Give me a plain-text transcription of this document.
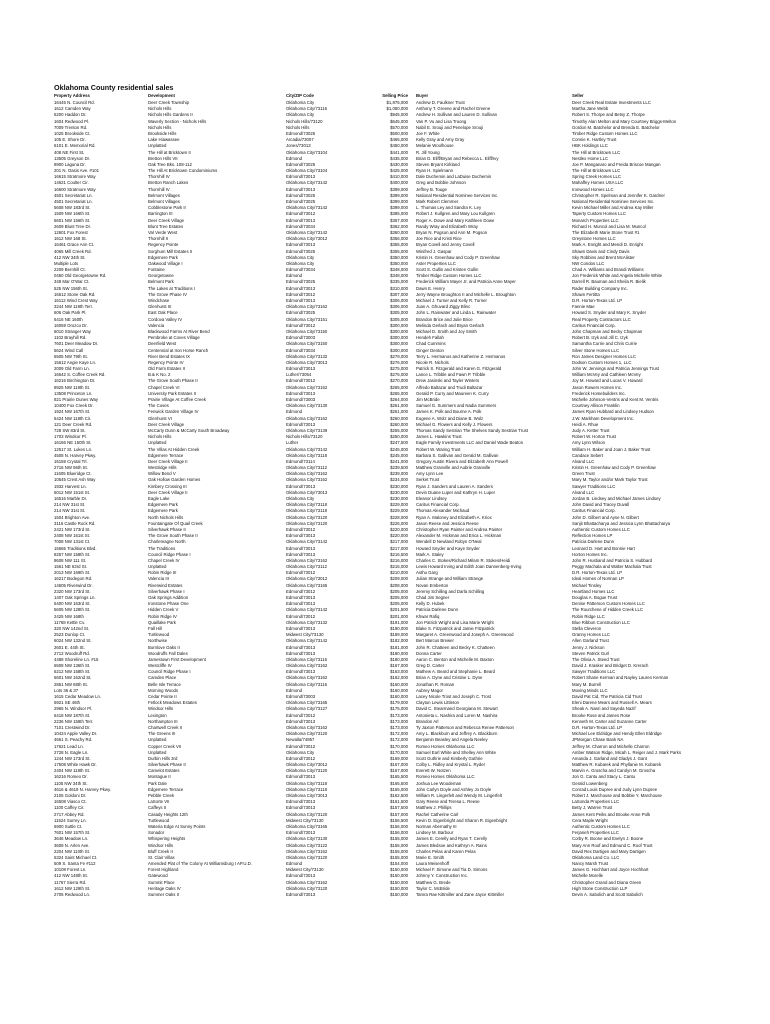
Oklahoma County residential sales
Property Address	Development	City/ZIP Code	Selling Price	Buyer	Seller
16445 N. Council Rd.	Deer Creek Township	Oklahoma City	$1,875,000	Andrew D. Faulkner Trust	Deer Creek Real Estate Investments LLC
1612 Camden Way	Nichols Hills	Oklahoma City/73116	$1,050,000	Anthony T. Greene and Rachel Greene	Martha Jane Webb
6200 Haddon Dr.	Nichols Hills Gardens II	Oklahoma City	$945,000	Andrew H. Sullivan and Lauren D. Sullivan	Robert S. Thorpe and Betsy Z. Thorpe
1604 Redwood Pl.	Waverly Section - Nichols Hills	Nichols Hills/73120	$645,000	Van P. Vu and Lisa Truong	Timothy Alan Melton and Mary Courtney Briggs-Melton
7009 Trenton Rd.	Nichols Hills	Nichols Hills	$570,000	Nabil E. Srouji and Penelope Srouji	Gordon M. Batchelor and Brenda E. Batchelor
1025 Brookside Ct.	Brookside Hills	Edmond/73025	$500,000	Joe F. White	Timber Ridge Custom Homes LLC
105 E. Shore Dr.	Lake Hiawassee	Arcadia/73007	$465,000	Kelly Gray and Amy Gray	Connie K. Hartley Trust
6101 E. Memorial Rd.	Unplatted	Jones/73013	$450,000	Melanie Woolhouse	HBK Holdings LLC
408 NE First St.	The Hill at Bricktown II	Oklahoma City/73104	$441,000	R. Jill Young	The Hill at Bricktown LLC
13505 Greyson Dr.	Bretton Hills VII	Edmond	$435,000	Brian D. Eliff/Bryan and Rebecca L. Eliff/Ivy	Nestlex Home LLC
8900 Laguna Dr.	Oak Tree Bks. 108-112	Edmond/73025	$430,000	Steven Bryant Kirkland	Joe P. Manganaro and Freida Briscoe Mangan
201 N. Oasis Ave. #101	The Hill At Bricktown Condominiums	Oklahoma City/73104	$425,000	Ryan H. Spielmann	The Hill at Bricktown LLC
16615 Stratmore Way	Thornhill IV	Edmond/73013	$410,000	Dale Duchemin and LaDuise Duchemin	Spring Creek Homes LLC
14621 Coulter Cir.	Bretton Ranch Lakes	Oklahoma City/73142	$400,000	Greg and Bobbie Johnson	Mahaffey Homes USA LLC
16600 Stratmore Way	Thornhill IV	Edmond/73013	$399,000	Jeffrey B. Touge	Ironwood Homes LLC
4501 Secretariat Ln.	Belmont Villages	Edmond/73025	$399,000	National Residential Nominee Services Inc.	Christopher R. Spelman and Jennifer K. Gardner
4501 Secretariat Ln.	Belmont Villages	Edmond/73025	$399,000	Mark Robert Clemmer	National Residential Nominee Services Inc.
5608 NW 183rd St.	Cobblestone Park II	Oklahoma City/73142	$399,000	L. Thomas Ley and Sandra K. Ley	Kevin Michael Miller and Andrea Kay Miller
1509 NW 166th St.	Barrington III	Edmond/73012	$385,000	Robert J. Kullgren and Mary Lou Kullgren	Taperty Custom Homes LLC
6601 NW 156th St.	Deer Creek Village	Edmond/73013	$367,000	Roger A. Dowe and Mary Kathleen Dowe	Monarch Properties LLC
2609 Blunt Tree Dr.	Blunt Tree Estates	Edmond/73034	$362,000	Randy Wray and Elizabeth Wray	Richard H. Muncol and Lisa M. Muncol
12601 Fox Forest	Val Verde West	Oklahoma City/73142	$360,000	Bryan N. Pogson and Ann M. Pogson	The Elizabeth Marie Stone Trust #1
1612 NW 168 St.	Thornhill II	Oklahoma City/73012	$356,000	Joe Rice and Kristi Rice	Greystone Homes LLC
16461 Grace Ann Ct.	Regency Pointe	Edmond/73013	$355,000	Bryan Covell and Jenny Covell	Mark A. Enright and Mendi D. Enright
4065 Mill Creek Rd.	Sorghum Mill Estates II	Edmond/73025	$355,000	Winifred J. Gaspar	Shawn Davis and Cindy Davis
412 NW 34th St.	Edgemere Park	Oklahoma City	$350,000	Kristin H. Greenhaw and Cody P. Greenhaw	Sky Robbins and Brent McAlister
Multiple Lots	Oakwood Village I	Oklahoma City	$350,000	Aster Properties LLC	NW Condos LLC
2209 Bernhill Ct.	Fontaine	Edmond/73034	$348,000	Scott S. Gullin and Kristen Gullin	Chad A. Williams and Brandi Williams
0450 Old Georgetowne Rd.	Georgetowne	Edmond	$348,000	Timber Ridge Custom Homes LLC	Jon Frederick White and Angela Michelle White
348 Mar O'War Ct.	Belmont Park	Edmond/73025	$335,000	Frederick William Mayer Jr. and Patricia Anne Mayer	Darrell R. Bauman and Sheila R. Bielik
525 NW 156th St.	The Lakes at Traditions I	Edmond/73013	$310,000	Dawn E. Henry	Rader Building Company Inc.
16612 Stone Oak Rd.	The Grove Phase IV	Edmond/73012	$307,000	Jerry Wayne Broughton II and Michelle L. Broughton	Shawn Fertitta
16112 Wind Crest Way	Windchase	Edmond/73013	$306,000	Michael J. Turner and Kelly R. Turner	D.R. Horton-Texas Ltd. LP
3244 NW 119th Terr.	Glenhurst III	Oklahoma City/73162	$306,000	Juan A. Ghuvard Ziggy Blinc	Fannie Mae
606 Oak Park Pl.	East Oak Place	Edmond/73025	$305,000	John L. Rainwater and Linda L. Rainwater	Howard S. Snyder and Mary K. Snyder
6416 NE 160th	Cordova Valley IV	Oklahoma City/73151	$305,000	Brandon Brice and Julie Brice	Real Property Contractors LLC
16059 Orozco Dr.	Valencia	Edmond/73012	$300,000	Melinda Gerlach and Bryan Gerlach	Caritus Financial Corp.
6010 Stranger Way	Blackwood Farms At River Bend	Oklahoma City/73150	$300,000	Michael D. Smith and Joy Smith	John Chapman and Becky Chapman
1102 Brayhill Rd.	Pembroke at Coves Village	Edmond/73003	$300,000	Hendeh Fallah	Robert B. Izyk and Jill C. Izyk
7601 Deer Meadow Dr.	Deerfield West	Oklahoma City/73150	$300,000	Chad Cummins	Samantha Currie and Chris Currie
5624 Wind Call	Centennial at Iron Horse Ranch	Edmond/73034	$300,000	Ginger Denton	Silver Stone Homes LLC
6505 NW 79th St.	River Bend Estates IX	Oklahoma City/73132	$279,000	Terry L. Hermanos and Katherine Z. Hermanos	Ron James Designer Homes LLC
15612 Angie Kaye Ln.	Regency Pointe IV	Oklahoma City/73013	$276,000	Nicole R. Nichols	Dodson Custom Homes 1, LLC
2009 Old Farm Ln.	Old Farm Estates II	Edmond/73013	$275,000	Patrick S. Fitzgerald and Karen G. Fitzgerald	John W. Jennings and Patricia Jennings Trust
16642 S. Coffee Creek Rd.	B.& K No. 2	Luther/73054	$275,000	Lance L. Tribble and Fawn P. Tribble	William McVey and Cathleen McVey
16216 Birchington Dr.	The Grove South Phase II	Edmond/73012	$270,000	Drew Jasinski and Tayler Winters	Joy M. Howard and Lucas V. Howard
8925 NW 119th St.	Chapel Creek VI	Oklahoma City/73162	$265,000	Alfredo Baltazar and Trudi Baltazar	Jason Rowers Homes Inc.
13508 Princeton Ln.	University Park Estates II	Edmond/73013	$265,000	Gerald P. Curry and Maureen K. Curry	Frederick Homebuilders Inc.
821 Prairie Dunes Way	Prairie Village At Coffee Creek	Edmond/73003	$264,000	Jim McBride	Michelle Johnson-Ventris and Kent M. Ventris
10400 Fox Creek Dr.	The Coves	Oklahoma City/73130	$261,000	Samuel G. Summers and Nadia Summers	Courtney Allison Franklin
1924 NW 167th St.	Fenwick Garden Village IV	Edmond	$261,000	James K. Polk and Bourne A. Polk	James Ryan Hubbard and Lindsey Hudson
5424 NW 118th Cir.	Glenhurst VI	Oklahoma City/73162	$260,000	Eugene A. Wolz and Diane B. Wolz	J.W. Markham Development Inc.
121 Deer Creek Rd.	Deer Creek Village	Edmond/73013	$260,000	Michael G. Flowers and Kelly J. Flowers	Heidi A. Rhue
728 SW 83rd St.	McCarty Dunn & McCarty South Broadway	Oklahoma City/73139	$255,000	Thomas Sandy Sestrian The Shelves Sandy Sestrian Trust	Judy A. Ketter Trust
1703 Windsor Pl.	Nichols Hills	Nichols Hills/73120	$250,000	James L. Hawkins Trust	Robert W. Horton Trust
16166 NE 150th St.	Unplatted	Luther	$247,500	Eagle Family Investments LLC and Daniel Wade Beaton	Amy Lynn Wilson
12517 St. Lukes Ln.	The Villas At Hidden Creek	Oklahoma City/73142	$245,000	Robert W. Waring Trust	William H. Baker and Joan J. Baker Trust
4508 N. Harvey Pkwy.	Edgemere Terrace	Oklahoma City/73118	$245,000	Barbara S. Gallivan and Gerald M. Gallivan	Candace Sebert
15159 Crystal Trl.	Deer Creek Village II	Edmond/73114	$241,000	Gregory Austin Rivera and Elizabeth Ann Powell	Alvand LLC
2716 NW 56th St.	Westridge Hills	Oklahoma City/73112	$239,500	Matthew Granville and Aubrie Granville	Kristin H. Greenhaw and Cody P. Greenhaw
11605 Blueridge Ct.	Willow Bend V	Oklahoma City/73162	$239,000	Amy Lynn Lee	Green Trust
10545 Crest Ash Way	Oak Hollow Garden Homes	Oklahoma City/73162	$234,000	Serket Trust	Mary M. Taylor and/or Mark Taylor Trust
1932 Harvest Ln.	Kimbery Crossing III	Edmond/73013	$230,000	Ryan J. Sanders and Lauren A. Sanders	Sawyer Traditions LLC
6012 NW 151st St.	Deer Creek Village II	Oklahoma City/73013	$230,000	Devin Duane Luper and Kathryn H. Luper	Alvand LLC
16516 Marble Dr.	Eagle Lake	Oklahoma City	$230,000	Eleanor Lindsey	Jordan B. Lindsey and Michael James Lindsey
214 NW 31st St.	Edgemere Park	Oklahoma City/73118	$229,000	Caritus Financial Corp.	John David and Tracey Duvall
214 NW 31st St.	Edgemere Park	Oklahoma City/73118	$229,000	Thomas Alexander Michaud	Caritus Financial Corp.
1504 Brighton Ave.	North Nichols Hills	Oklahoma City/73120	$228,000	Ryan A. Maloney and Elizabeth A. Kriox	John D. Gilbert and Ayse N. Gilbert
3116 Castle Rock Rd.	Fountaingate Of Quail Creek	Oklahoma City/73120	$226,000	Jason Reese and Jessica Reese	Sanjit Bhattacharya and Jessica Lynn Bhattacharya
2421 NW 173rd St.	Silverhawk Phase II	Edmond/73012	$220,000	Christopher Ryan Painter and Andrea Painter	Authentic Custom Homes LLC
2408 NW 161st St.	The Grove South Phase II	Edmond/73013	$220,000	Alexander M. Hickman and Erica L. Hickman	Reflection Homes LP
7008 NW 131st Ct.	Charlemagne North	Oklahoma City/73142	$217,000	Wendell D Newland Robyn O'Neal	Patricia Darlene Dunn
15565 Traditions Blvd.	The Traditions	Edmond/73013	$217,000	Howard Snyder and Kaye Snyder	Leonard D. Hart and Bonnie Hart
8257 NW 158th St.	Council Ridge Phase I	Edmond/73013	$216,500	Mark A. Staley	Horton Homes Inc.
8608 NW 111 St.	Chapel Creek IV	Oklahoma City/73162	$216,000	Charles C. Stokes/Richard Milam R. Stokes/Heidi	John R. Husband and Patricia S. Hubbard
1561 NE 63rd St.	Unplatted	Oklahoma City/73112	$215,000	Lewis Howard Irving and Edith Joan Dannenberg-Irving	Peggy Machala and Walter Machala Trust
2013 NW 169th St.	Robin Ridge III	Edmond/73012	$210,000	Asthu Garg	D.R. Horton-Texas Ltd. LP
16217 Bodegon Rd.	Valencia III	Oklahoma City/73012	$209,000	Julian Strange and William Strange	Ideal Homes of Norman LP
14605 Riverwind Dr.	Riverwind Estates	Oklahoma City/73165	$208,000	Novan Emberton	Michael Tinsley
2320 NW 173rd St.	Silverhawk Phase I	Edmond/73012	$205,000	Jeremy Schilling and Darla Schilling	Heartland Homes LLC
1407 Oak Springs Ln.	Oak Springs Addition	Edmond/73013	$205,000	Chad Jim Segner	Douglas A. Bogue Trust
5400 NW 163rd St.	Ironstone Phase One	Edmond/73013	$205,000	Kelly D. Hubek	Denise Patterson Custom Homes LLC
5605 NW 128th St.	Hidden Creek V	Oklahoma City/73142	$201,500	Patricia Darlene Dunn	The Rourchene of Hidden Creek LLC
2425 NW 168th	Robin Ridge IV	Edmond/73012	$201,000	Khwar Rafiq	Robin Ridge LLC
11768 Kettle Cv.	Quaillake Park	Oklahoma City/73132	$191,000	Jon Patrick Wright and Lisa Marie Wright	Blue Ribbon Construction LLC
320 NW 142nd St.	Fall Hill	Edmond/73013	$190,000	Blake S. Fitzpatrick and Jamie Fitzpatrick	Stella Cleveron
2523 Dunlop Ct.	Turtlewood	Midwest City/73130	$189,000	Margaret A. Greenwood and Joseph A. Greenwood	Granny Homes LLC
6024 NW 132nd St.	Northwise	Oklahoma City/73142	$182,000	Bert Marcus Brewer	Allen Garland Trust
2601 E. 44th St.	Bornlove Oaks II	Edmond/73013	$181,000	John R. Chatteen and Becky K. Chatteen	Jenny J. Nickson
2712 Woodruff Rd.	Woodruffs Fall Dales	Edmond/73013	$180,000	Donna Carter	Steven Patrick Gurl
4488 Shoreline Ln. #15	Jamestown First Development	Oklahoma City/73116	$180,000	Aaron C. Benton and Michelle M. Baxton	The Olivia A. Steed Trust
6508 NW 136th St.	Westcliffe IV	Oklahoma City/73162	$167,000	Greg D. Carter	David J. Krasker and Bridget D. Krerach
6212 NW 158th St.	Council Ridge Phase I	Edmond/73013	$163,000	Mathew A. Beard and Stephanie L. Beard	Sawyer Traditions LLC
5601 NW 162nd St.	Camden Place	Oklahoma City/73162	$162,000	Brian A. Dyne and Cristine L. Dyne	Robert Shane Kerman and Nayley Lauren Kerman
2861 NW 68th St.	Belle Isle Terrace	Oklahoma City/73116	$160,000	Jonathan R. Roman	Mary M. Burrell
Lots 36 & 37	Morning Woods	Edmond	$160,000	Aubrey Magor	Moving Minds LLC
1615 Cedar Meadow Ln.	Cedar Pointe II	Edmond/73003	$160,000	Lacey Nicole Trost and Joseph C. Trost	David Pat Cid, The Patricia Cid Trust
5921 SE 46th	Fetlock Meadows Estates	Oklahoma City/73165	$179,000	Clayton Lewis Littleton	Eleni Darene Mears and Russell A. Mears
2965 N. Windsor Pl.	Windsor Hills	Oklahoma City/73127	$175,000	David C. Stearmand Georgiana M. Stewart	Sheak A. Nasri and Sayeda Nazif
6418 NW 187th St.	Lexington	Edmond/73012	$173,000	Antonieta L. Nashira and Loren M. Nashira	Brooke Rose and James Rose
2236 NW 159th Terr.	Northampton III	Edmond/73013	$173,000	Brandon Arl	Kenneth M. Carter and Suzanne Carter
7101 Crestwind Dr.	Chartwell Creek II	Oklahoma City/73162	$173,000	Ty Jaxton Patterson and Rebecca Renee Patterson	D.R. Horton-Texas Ltd. LP
10424 Apple Valley Dr.	The Greens III	Oklahoma City/73120	$172,000	Amy L. Blackburn and Jeffrey A. Blackburn	Michael Lee Eldridge and Hendy Ellen Eldridge
4661 S. Peachy Rd.	Unplatted	Newalla/74857	$172,000	Benjamin Beasley and Angela Neeley	JPMorgan Chase Bank NA
17621 Lead Ln.	Copper Creek VII	Edmond/73012	$170,000	Romeo Homes Oklahoma LLC	Jeffrey M. Charron and Michelle Charron
2728 N. Eagle Ln.	Unplatted	Oklahoma City	$170,000	Samuel Earl White and Shelley Ann White	Amber Watson Ridge, Micah L. Reiger and J. Mark Parks
1244 NW 173rd St.	Durbin Hills 3rd	Edmond/73012	$169,000	Scott Guthrie and Kimberly Guthrie	Amanda J. Garland and Gladys J. Gant
17508 White Hawk Dr.	Silverhawk Phase II	Oklahoma City/73012	$167,000	Colby L. Ridley and Krystal L. Ryder	Matthew R. Kubarek and Phyllanie M. Kubarek
2404 NW 118th St.	Camelot Estates	Oklahoma City/73120	$167,000	Everett W. Notzen	Marvin A. Groscha and Carolyn M. Groscha
16216 Romeo Dr.	Montague II	Edmond/73013	$165,500	Romeo Homes Oklahoma LLC	Jon G. Cantu and Stacy L. Cantu
1105 NW 34th St.	Park Dale	Oklahoma City/73118	$165,500	Joshua Lee Woodeman	Gerald Lowenberg
4616 & 4619 N. Harvey Pkwy.	Edgemere Terrace	Oklahoma City/73118	$165,000	John Carlyn Doyle and Ashley Jo Doyle	Conrad Louis Dupree and Judy Lynn Dupree
2105 Goldoni Dr.	Pebble Creek	Oklahoma City/73013	$162,500	William R. Lingerfelt and Wendy M. Lingerfelt	Robert J. Marchouse and Bobbie Y. Marchouse
16508 Viasco Ct.	LaSorte VII	Edmond/73013	$161,500	Gary Reese and Teresa L. Reese	LaSonda Properties LLC
1100 Caffey Cir.	Caffeys II	Edmond/73013	$157,500	Matthew J. Phillips	Betty J. Warren Trust
2717 Abbey Rd.	Casady Heights 12th	Oklahoma City/73120	$157,000	Rachel Catherine Carl	James Kent Peiks and Brooke Anne Polk
11524 Surrey Ln.	Turtlewood	Midwest City/73130	$156,500	Kevin D. Eigenbright and Sharon R. Eigenbright	Cera Maple Wright
6900 Suttle Ct.	Wateria Edge At Sunny Points	Oklahoma City/73165	$156,000	Norman Abernathy III	Authentic Custom Homes LLC
7601 NW 157th St.	Sonador	Edmond/73013	$156,000	Lindsey M. Barbour	Ferjaneh Properties LLC
3646 Meadow Ln.	Whispering Heights	Oklahoma City/73130	$155,000	James E. Cerelly and Ryan T. Cerelly	Corby R. Boone and Evelyn J. Boone
3608 N. Arlen Ave.	Windsor Hills	Oklahoma City/73122	$155,000	James Bledsoe and Kathryn A. Rains	Mary Ann Roof and Edmund C. Roof Trust
2204 NW 110th St.	Bluff Creek II	Oklahoma City/73162	$155,000	Charles Pelas and Karen Pelas	David Rex Dartigen and Mary Dartigen
6324 Saint Michael Ct.	St. Clair Villas	Oklahoma City/73120	$155,000	Marie E. Smith	Oklahoma Land Co. LLC
509 S. Santa Fe #112	Amended Plat of The Colony At Williamsburg I AP.U.D.	Edmond	$154,000	Laura Meisenhoff	Nancy Marsh Trust
10108 Forest Ln.	Forest Highland	Midwest City/73130	$150,000	Michael F. Simone and Tia D. Simons	James G. Hochhart and Joyce Hochhart
412 NW 148th St.	Gatewood	Edmond/73013	$150,000	Johnny Y. Construction Inc.	Michelle Morelle
11767 Sierra Rd.	Summit Place	Oklahoma City/73162	$150,000	Matthew G. Brede	Christopher Grand and Diana Green
1612 NW 129th St.	Heritage Oaks IV	Oklahoma City/73120	$150,000	Taylor C. McBride	High Stone Construction LLP
2705 Redwood Ln.	Summer Oaks II	Edmond/73013	$150,000	Tamra Rae Kittmiller and Zane Jayce Kittmiller	Devin A. Sabolich and Scott Sabolich
